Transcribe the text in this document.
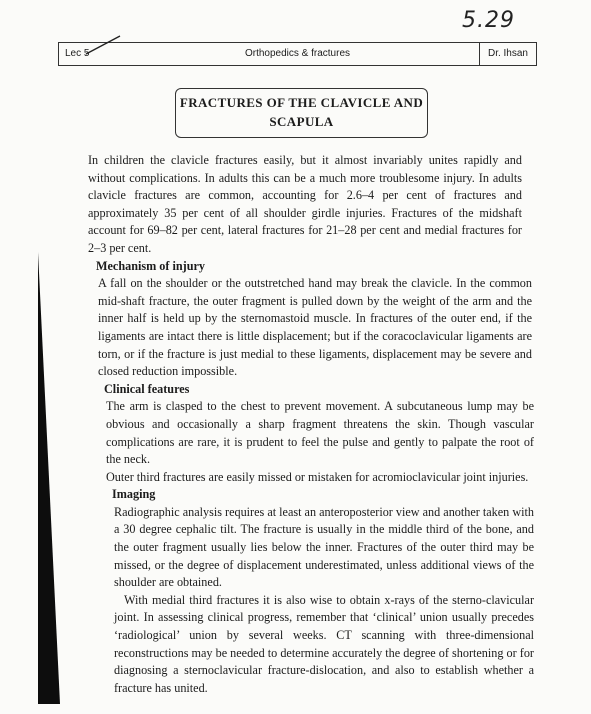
5.29
Lec 5	Orthopedics & fractures	Dr. Ihsan
FRACTURES OF THE CLAVICLE AND SCAPULA

In children the clavicle fractures easily, but it almost invariably unites rapidly and without complications. In adults this can be a much more troublesome injury. In adults clavicle fractures are common, accounting for 2.6–4 per cent of fractures and approximately 35 per cent of all shoulder girdle injuries. Fractures of the midshaft account for 69–82 per cent, lateral fractures for 21–28 per cent and medial fractures for 2–3 per cent.

Mechanism of injury

A fall on the shoulder or the outstretched hand may break the clavicle. In the common mid-shaft fracture, the outer fragment is pulled down by the weight of the arm and the inner half is held up by the sternomastoid muscle. In fractures of the outer end, if the ligaments are intact there is little displacement; but if the coracoclavicular ligaments are torn, or if the fracture is just medial to these ligaments, displacement may be severe and closed reduction impossible.

Clinical features

The arm is clasped to the chest to prevent movement. A subcutaneous lump may be obvious and occasionally a sharp fragment threatens the skin. Though vascular complications are rare, it is prudent to feel the pulse and gently to palpate the root of the neck.

Outer third fractures are easily missed or mistaken for acromioclavicular joint injuries.

Imaging

Radiographic analysis requires at least an anteroposterior view and another taken with a 30 degree cephalic tilt. The fracture is usually in the middle third of the bone, and the outer fragment usually lies below the inner. Fractures of the outer third may be missed, or the degree of displacement underestimated, unless additional views of the shoulder are obtained.

With medial third fractures it is also wise to obtain x-rays of the sterno-clavicular joint. In assessing clinical progress, remember that ‘clinical’ union usually precedes ‘radiological’ union by several weeks. CT scanning with three-dimensional reconstructions may be needed to determine accurately the degree of shortening or for diagnosing a sternoclavicular fracture-dislocation, and also to establish whether a fracture has united.
